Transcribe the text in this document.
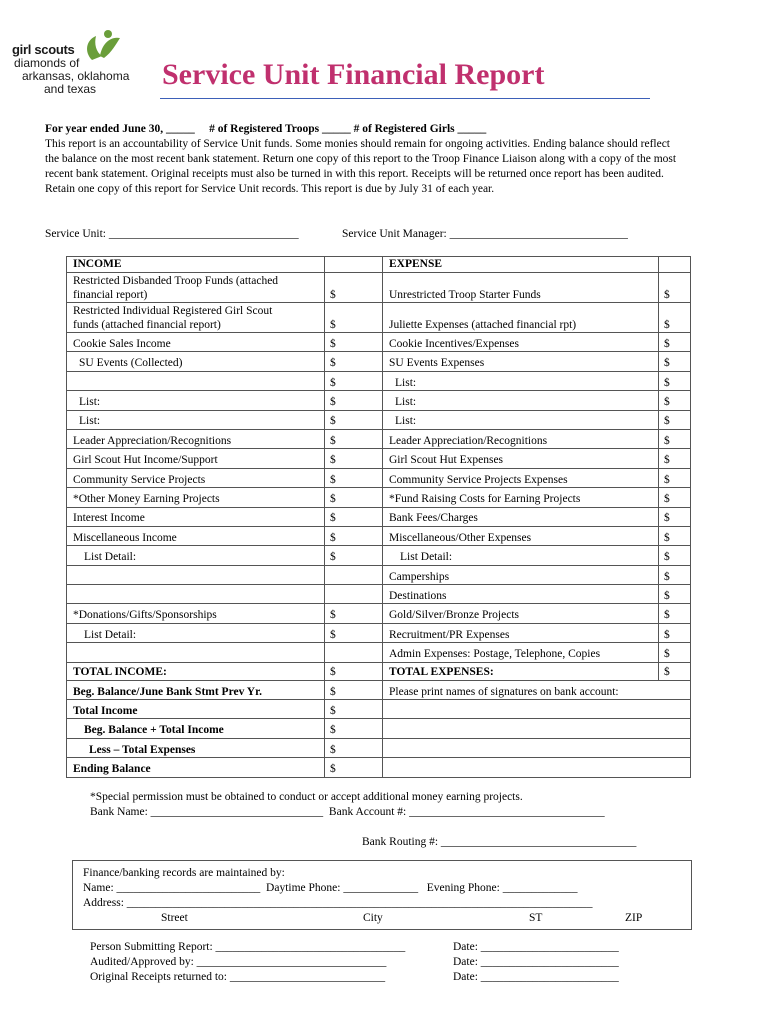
girl scouts
diamonds of
arkansas, oklahoma
and texas	Service Unit Financial Report
For year ended June 30, _____     # of Registered Troops _____ # of Registered Girls _____
This report is an accountability of Service Unit funds. Some monies should remain for ongoing activities. Ending balance should reflect the balance on the most recent bank statement. Return one copy of this report to the Troop Finance Liaison along with a copy of the most recent bank statement. Original receipts must also be turned in with this report. Receipts will be returned once report has been audited. Retain one copy of this report for Service Unit records. This report is due by July 31 of each year.
Service Unit: _________________________________	Service Unit Manager: _______________________________
INCOME		EXPENSE	

Restricted Disbanded Troop Funds (attached
financial report)	$	Unrestricted Troop Starter Funds	$

Restricted Individual Registered Girl Scout
funds (attached financial report)	$	Juliette Expenses (attached financial rpt)	$
Cookie Sales Income	$	Cookie Incentives/Expenses	$
SU Events (Collected)	$	SU Events Expenses	$
	$	List:	$
List:	$	List:	$
List:	$	List:	$
Leader Appreciation/Recognitions	$	Leader Appreciation/Recognitions	$
Girl Scout Hut Income/Support	$	Girl Scout Hut Expenses	$
Community Service Projects	$	Community Service Projects Expenses	$
*Other Money Earning Projects	$	*Fund Raising Costs for Earning Projects	$
Interest Income	$	Bank Fees/Charges	$
Miscellaneous Income	$	Miscellaneous/Other Expenses	$
List Detail:	$	List Detail:	$
		Camperships	$
		Destinations	$
*Donations/Gifts/Sponsorships	$	Gold/Silver/Bronze Projects	$
List Detail:	$	Recruitment/PR Expenses	$
		Admin Expenses: Postage, Telephone, Copies	$
TOTAL INCOME:	$	TOTAL EXPENSES:	$
Beg. Balance/June Bank Stmt Prev Yr.	$	Please print names of signatures on bank account:	
Total Income	$		
Beg. Balance + Total Income	$		
Less – Total Expenses	$		
Ending Balance	$		
*Special permission must be obtained to conduct or accept additional money earning projects.
Bank Name: ______________________________  Bank Account #: __________________________________
Bank Routing #: __________________________________
Finance/banking records are maintained by:
Name: _________________________  Daytime Phone: _____________   Evening Phone: _____________
Address: _________________________________________________________________________________
Street	City	ST	ZIP
Person Submitting Report: _________________________________
Audited/Approved by: _________________________________
Original Receipts returned to: ___________________________
Date: ________________________
Date: ________________________
Date: ________________________
